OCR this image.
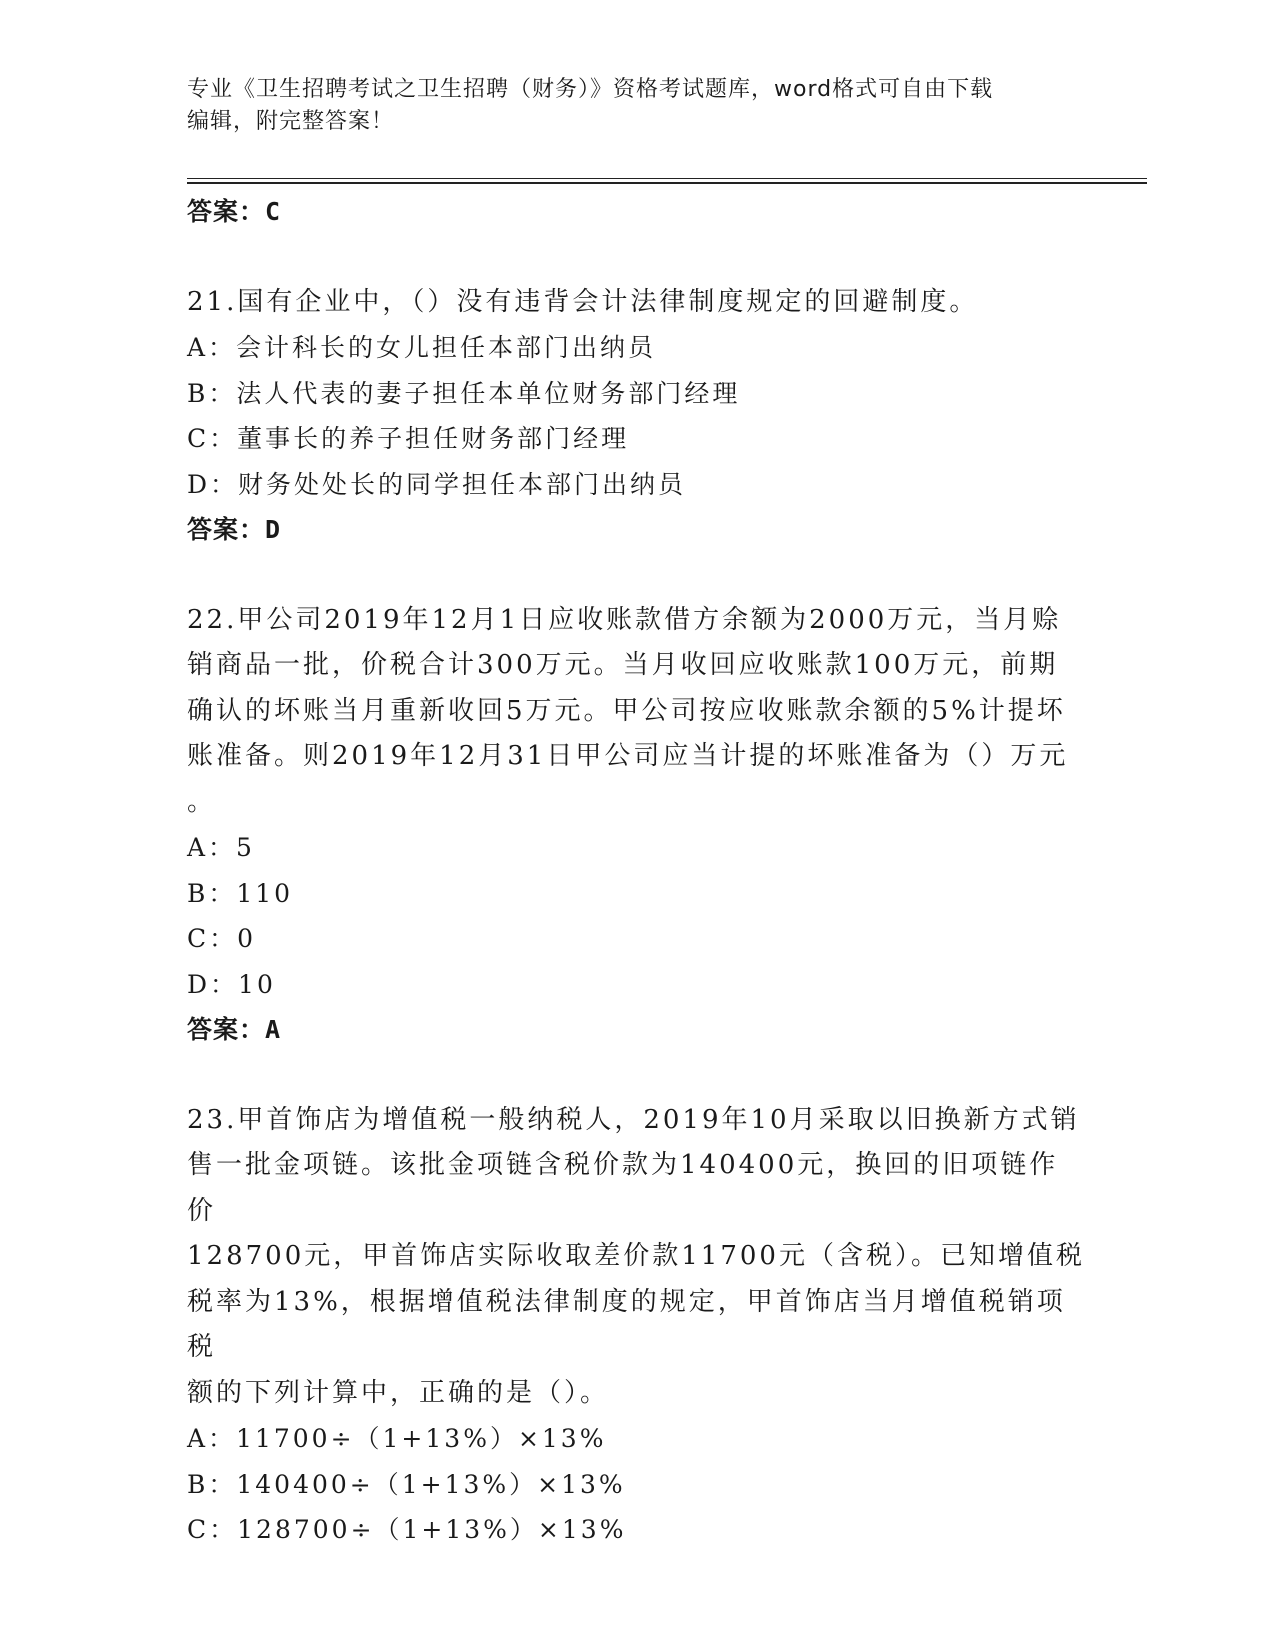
专业《卫生招聘考试之卫生招聘（财务）》资格考试题库，word格式可自由下载
编辑，附完整答案！
答案：C
21.国有企业中，（）没有违背会计法律制度规定的回避制度。
A：会计科长的女儿担任本部门出纳员
B：法人代表的妻子担任本单位财务部门经理
C：董事长的养子担任财务部门经理
D：财务处处长的同学担任本部门出纳员
答案：D
22.甲公司2019年12月1日应收账款借方余额为2000万元，当月赊
销商品一批，价税合计300万元。当月收回应收账款100万元，前期
确认的坏账当月重新收回5万元。甲公司按应收账款余额的5%计提坏
账准备。则2019年12月31日甲公司应当计提的坏账准备为（）万元
。
A：5
B：110
C：0
D：10
答案：A
23.甲首饰店为增值税一般纳税人，2019年10月采取以旧换新方式销
售一批金项链。该批金项链含税价款为140400元，换回的旧项链作价
128700元，甲首饰店实际收取差价款11700元（含税）。已知增值税
税率为13%，根据增值税法律制度的规定，甲首饰店当月增值税销项税
额的下列计算中，正确的是（）。
A：11700÷（1+13%）×13%
B：140400÷（1+13%）×13%
C：128700÷（1+13%）×13%
